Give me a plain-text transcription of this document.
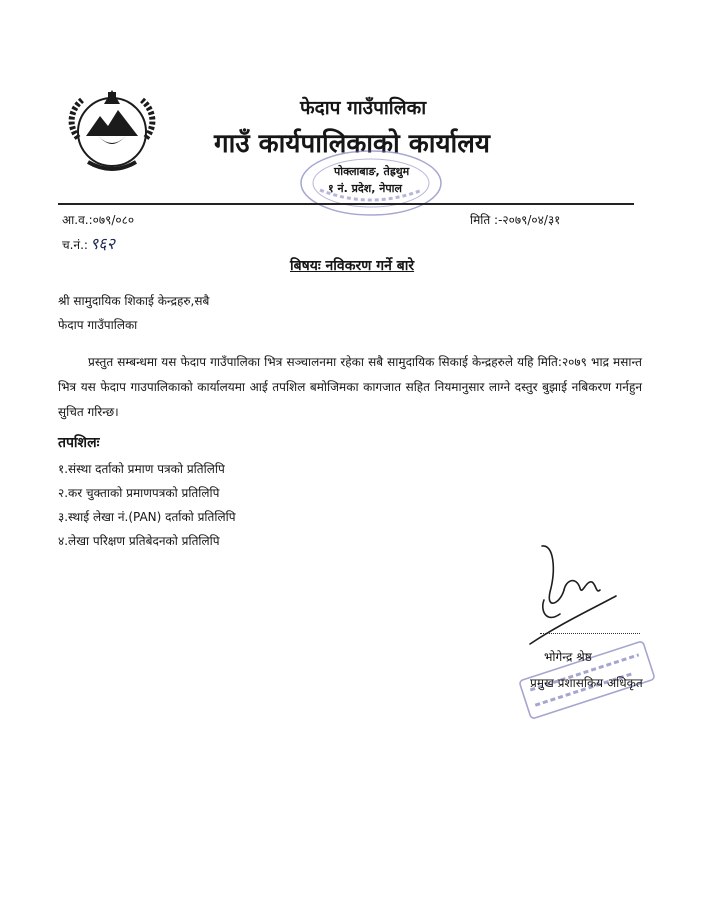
फेदाप गाउँपालिका
गाउँ कार्यपालिकाको कार्यालय
पोक्लाबाङ, तेह्रथुम
१ नं. प्रदेश, नेपाल
आ.व.:०७९/०८०
च.नं.: ९६२
मिति :-२०७९/०४/३१
बिषयः नविकरण गर्ने बारे
श्री सामुदायिक शिकाई केन्द्रहरु,सबै
फेदाप गाउँपालिका
प्रस्तुत सम्बन्धमा यस फेदाप गाउँपालिका भित्र सञ्चालनमा रहेका सबै सामुदायिक सिकाई केन्द्रहरुले यहि मिति:२०७९ भाद्र मसान्त भित्र यस फेदाप गाउपालिकाको कार्यालयमा आई तपशिल बमोजिमका कागजात सहित नियमानुसार लाग्ने दस्तुर बुझाई नबिकरण गर्नहुन सुचित गरिन्छ।
तपशिलः
१.संस्था दर्ताको प्रमाण पत्रको प्रतिलिपि
२.कर चुक्ताको प्रमाणपत्रको प्रतिलिपि
३.स्थाई लेखा नं.(PAN) दर्ताको प्रतिलिपि
४.लेखा परिक्षण प्रतिबेदनको प्रतिलिपि
भोगेन्द्र श्रेष्ठ
प्रमुख प्रशासकिय अधिकृत
